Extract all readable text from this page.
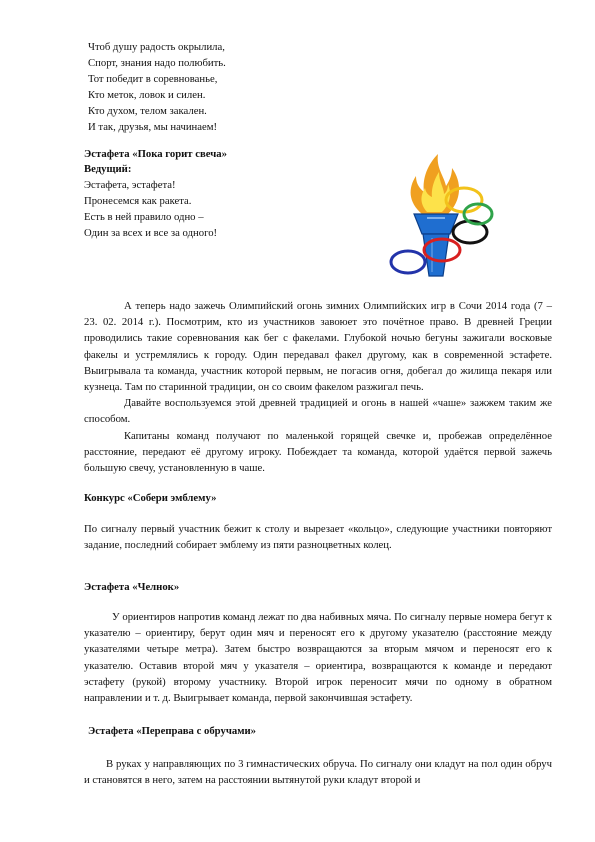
Чтоб душу радость окрылила,
Спорт, знания надо полюбить.
Тот победит в соревнованье,
Кто меток, ловок и силен.
Кто духом, телом закален.
И так, друзья, мы начинаем!
Эстафета «Пока горит свеча»
Ведущий:
Эстафета, эстафета!
Пронесемся как ракета.
Есть в ней правило одно –
Один за всех и все за одного!

А теперь надо зажечь Олимпийский огонь зимних Олимпийских игр в Сочи 2014 года (7 – 23. 02. 2014 г.). Посмотрим, кто из участников завоюет это почётное право. В древней Греции проводились такие соревнования как бег с факелами. Глубокой ночью бегуны зажигали восковые факелы и устремлялись к городу. Один передавал факел другому, как в современной эстафете. Выигрывала та команда, участник которой первым, не погасив огня, добегал до жилища пекаря или кузнеца. Там по старинной традиции, он со своим факелом разжигал печь.

Давайте воспользуемся этой древней традицией и огонь в нашей «чаше» зажжем таким же способом.

Капитаны команд получают по маленькой горящей свечке и, пробежав определённое расстояние, передают её другому игроку. Побеждает та команда, которой удаётся первой зажечь большую свечу, установленную в чаше.

Конкурс «Собери эмблему»

По сигналу первый участник бежит к столу и вырезает «кольцо», следующие участники повторяют задание, последний собирает эмблему из пяти разноцветных колец.

Эстафета «Челнок»

У ориентиров напротив команд лежат по два набивных мяча. По сигналу первые номера бегут к указателю – ориентиру, берут один мяч и переносят его к другому указателю (расстояние между указателями четыре метра). Затем быстро возвращаются за вторым мячом и переносят его к указателю. Оставив второй мяч у указателя – ориентира, возвращаются к команде и передают эстафету (рукой) второму участнику. Второй игрок переносит мячи по одному в обратном направлении и т. д. Выигрывает команда, первой закончившая эстафету.

Эстафета «Переправа с обручами»

В руках у направляющих по 3 гимнастических обруча. По сигналу они кладут на пол один обруч и становятся в него, затем на расстоянии вытянутой руки кладут второй и
